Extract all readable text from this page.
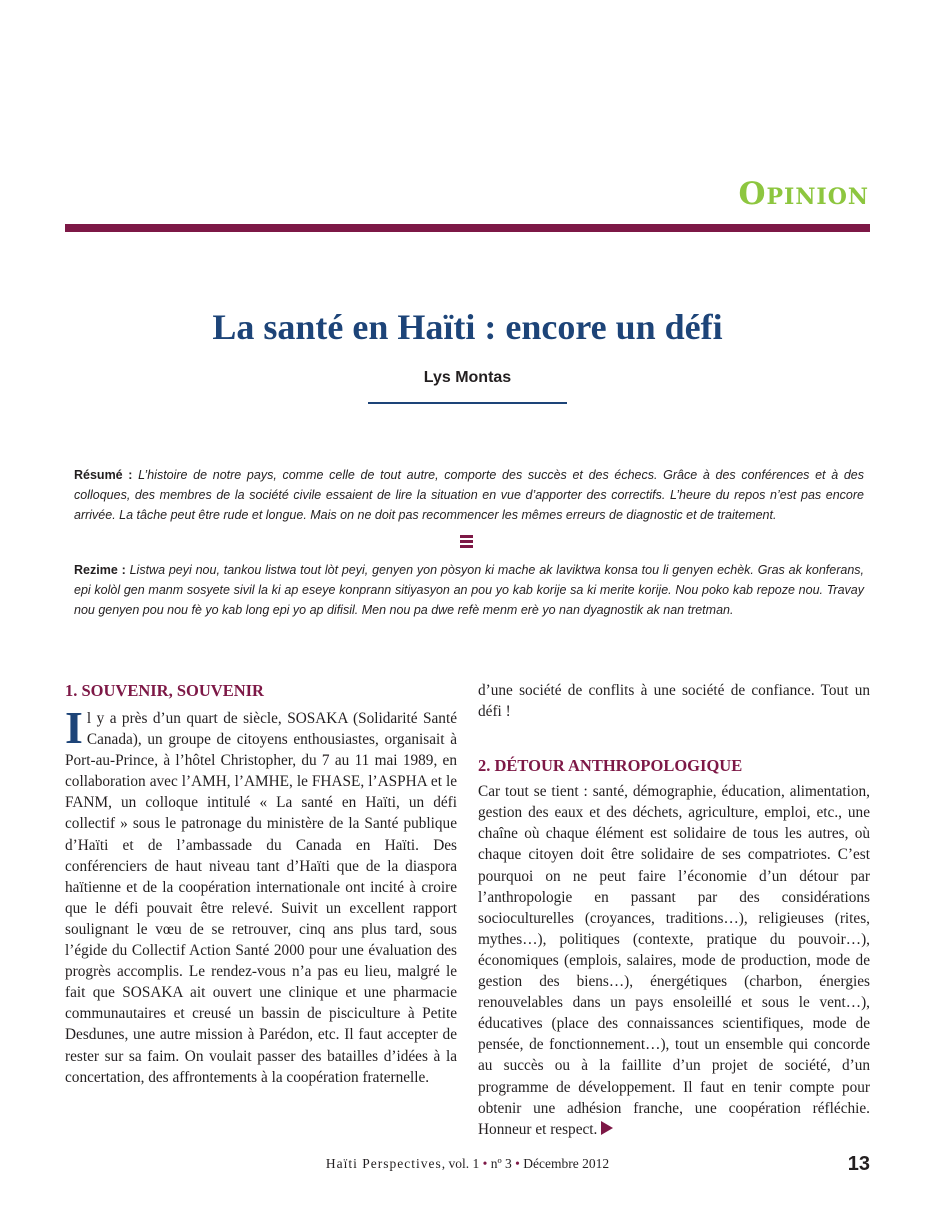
Opinion
La santé en Haïti : encore un défi
Lys Montas

Résumé : L’histoire de notre pays, comme celle de tout autre, comporte des succès et des échecs. Grâce à des conférences et à des colloques, des membres de la société civile essaient de lire la situation en vue d’apporter des correctifs. L’heure du repos n’est pas encore arrivée. La tâche peut être rude et longue. Mais on ne doit pas recommencer les mêmes erreurs de diagnostic et de traitement.

Rezime : Listwa peyi nou, tankou listwa tout lòt peyi, genyen yon pòsyon ki mache ak laviktwa konsa tou li genyen echèk. Gras ak konferans, epi kolòl gen manm sosyete sivil la ki ap eseye konprann sitiyasyon an pou yo kab korije sa ki merite korije. Nou poko kab repoze nou. Travay nou genyen pou nou fè yo kab long epi yo ap difisil. Men nou pa dwe refè menm erè yo nan dyagnostik ak nan tretman.

1. SOUVENIR, SOUVENIR

Il y a près d’un quart de siècle, SOSAKA (Solidarité Santé Canada), un groupe de citoyens enthousiastes, organisait à Port-au-Prince, à l’hôtel Christopher, du 7 au 11 mai 1989, en collaboration avec l’AMH, l’AMHE, le FHASE, l’ASPHA et le FANM, un colloque intitulé « La santé en Haïti, un défi collectif » sous le patronage du ministère de la Santé publique d’Haïti et de l’ambassade du Canada en Haïti. Des conférenciers de haut niveau tant d’Haïti que de la diaspora haïtienne et de la coopération internationale ont incité à croire que le défi pouvait être relevé. Suivit un excellent rapport soulignant le vœu de se retrouver, cinq ans plus tard, sous l’égide du Collectif Action Santé 2000 pour une évaluation des progrès accomplis. Le rendez-vous n’a pas eu lieu, malgré le fait que SOSAKA ait ouvert une clinique et une pharmacie communautaires et creusé un bassin de pisciculture à Petite Desdunes, une autre mission à Parédon, etc. Il faut accepter de rester sur sa faim. On voulait passer des batailles d’idées à la concertation, des affrontements à la coopération fraternelle.

d’une société de conflits à une société de confiance. Tout un défi !

2. DÉTOUR ANTHROPOLOGIQUE

Car tout se tient : santé, démographie, éducation, alimentation, gestion des eaux et des déchets, agriculture, emploi, etc., une chaîne où chaque élément est solidaire de tous les autres, où chaque citoyen doit être solidaire de ses compatriotes. C’est pourquoi on ne peut faire l’économie d’un détour par l’anthropologie en passant par des considérations socioculturelles (croyances, traditions…), religieuses (rites, mythes…), politiques (contexte, pratique du pouvoir…), économiques (emplois, salaires, mode de production, mode de gestion des biens…), énergétiques (charbon, énergies renouvelables dans un pays ensoleillé et sous le vent…), éducatives (place des connaissances scientifiques, mode de pensée, de fonctionnement…), tout un ensemble qui concorde au succès ou à la faillite d’un projet de société, d’un programme de développement. Il faut en tenir compte pour obtenir une adhésion franche, une coopération réfléchie. Honneur et respect.

Haïti Perspectives, vol. 1 • nº 3 • Décembre 2012	13
